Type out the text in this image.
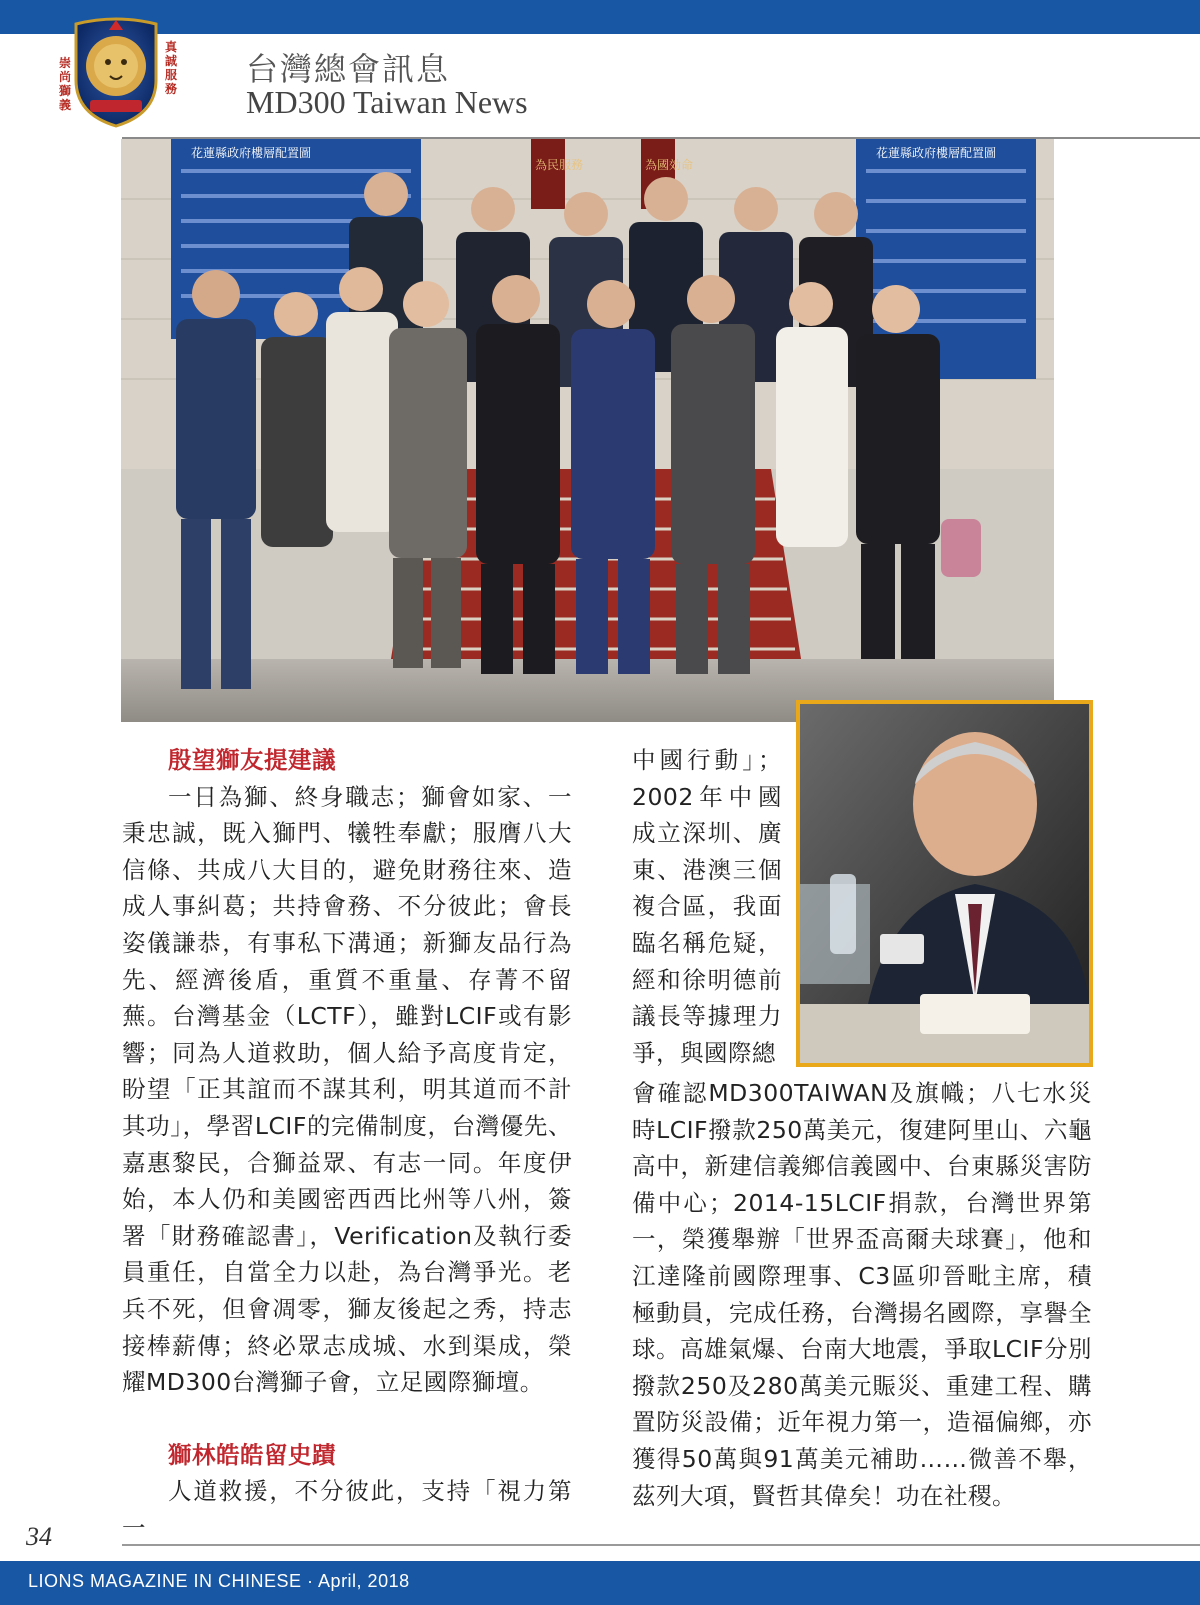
崇
尚
獅
義
真
誠
服
務
台灣總會訊息
MD300 Taiwan News
花蓮縣政府樓層配置圖	花蓮縣政府樓層配置圖
為民服務	為國効命

殷望獅友提建議

一日為獅、終身職志；獅會如家、一秉忠誠，既入獅門、犧牲奉獻；服膺八大信條、共成八大目的，避免財務往來、造成人事糾葛；共持會務、不分彼此；會長姿儀謙恭，有事私下溝通；新獅友品行為先、經濟後盾，重質不重量、存菁不留蕪。台灣基金（LCTF），雖對LCIF或有影響；同為人道救助，個人給予高度肯定，盼望「正其誼而不謀其利，明其道而不計其功」，學習LCIF的完備制度，台灣優先、嘉惠黎民，合獅益眾、有志一同。年度伊始，本人仍和美國密西西比州等八州，簽署「財務確認書」，Verification及執行委員重任，自當全力以赴，為台灣爭光。老兵不死，但會凋零，獅友後起之秀，持志接棒薪傳；終必眾志成城、水到渠成，榮耀MD300台灣獅子會，立足國際獅壇。

獅林皓皓留史蹟

人道救援，不分彼此，支持「視力第一

中國行動」；2002年中國成立深圳、廣東、港澳三個複合區，我面臨名稱危疑，經和徐明德前議長等據理力爭，與國際總

會確認MD300TAIWAN及旗幟；八七水災時LCIF撥款250萬美元，復建阿里山、六龜高中，新建信義鄉信義國中、台東縣災害防備中心；2014-15LCIF捐款，台灣世界第一，榮獲舉辦「世界盃高爾夫球賽」，他和江達隆前國際理事、C3區卯晉毗主席，積極動員，完成任務，台灣揚名國際，享譽全球。高雄氣爆、台南大地震，爭取LCIF分別撥款250及280萬美元賑災、重建工程、購置防災設備；近年視力第一，造福偏鄉，亦獲得50萬與91萬美元補助……微善不舉，茲列大項，賢哲其偉矣！功在社稷。

34
LIONS MAGAZINE IN CHINESE · April, 2018
